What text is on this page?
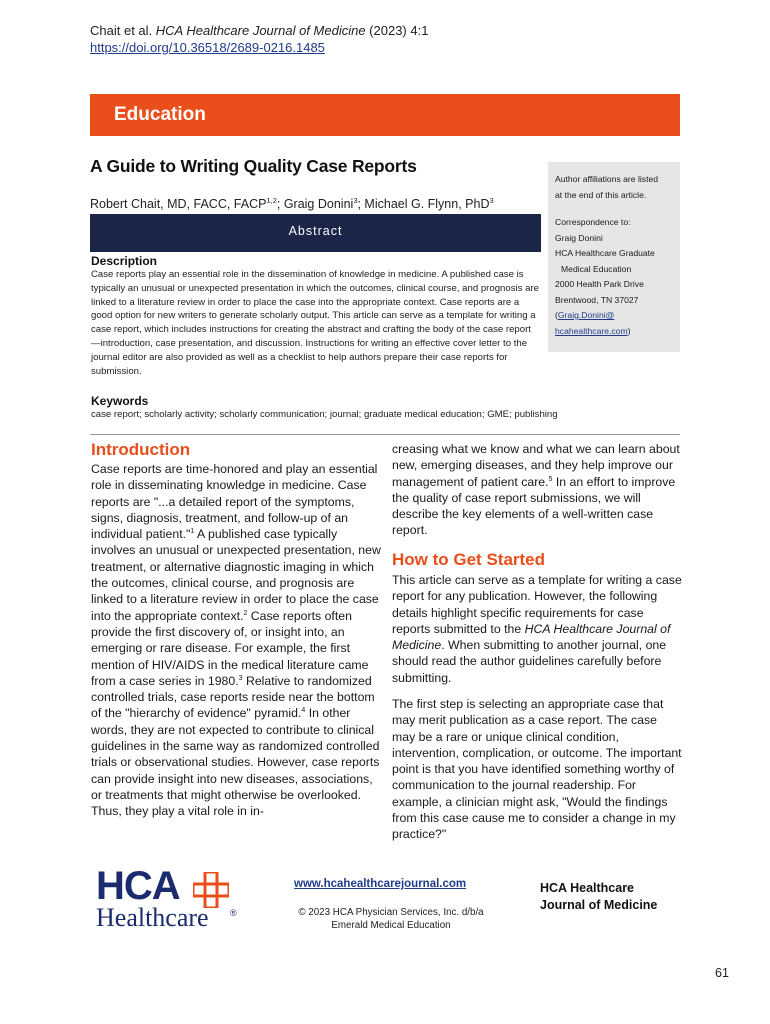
Chait et al. HCA Healthcare Journal of Medicine (2023) 4:1
https://doi.org/10.36518/2689-0216.1485
Education
A Guide to Writing Quality Case Reports
Robert Chait, MD, FACC, FACP$^{1,2}$; Graig Donini$^3$; Michael G. Flynn, PhD$^3$
Author affiliations are listed
at the end of this article.
Correspondence to:
Graig Donini
HCA Healthcare Graduate
Medical Education
2000 Health Park Drive
Brentwood, TN 37027
(Graig.Donini@
hcahealthcare.com)
Abstract
Description
Case reports play an essential role in the dissemination of knowledge in medicine. A published case is typically an unusual or unexpected presentation in which the outcomes, clinical course, and prognosis are linked to a literature review in order to place the case into the appropriate context. Case reports are a good option for new writers to generate scholarly output. This article can serve as a template for writing a case report, which includes instructions for creating the abstract and crafting the body of the case report—introduction, case presentation, and discussion. Instructions for writing an effective cover letter to the journal editor are also provided as well as a checklist to help authors prepare their case reports for submission.
Keywords
case report; scholarly activity; scholarly communication; journal; graduate medical education; GME; publishing
Introduction
Case reports are time-honored and play an essential role in disseminating knowledge in medicine. Case reports are "...a detailed report of the symptoms, signs, diagnosis, treatment, and follow-up of an individual patient."$^1$ A published case typically involves an unusual or unexpected presentation, new treatment, or alternative diagnostic imaging in which the outcomes, clinical course, and prognosis are linked to a literature review in order to place the case into the appropriate context.$^2$ Case reports often provide the first discovery of, or insight into, an emerging or rare disease. For example, the first mention of HIV/AIDS in the medical literature came from a case series in 1980.$^3$ Relative to randomized controlled trials, case reports reside near the bottom of the "hierarchy of evidence" pyramid.$^4$ In other words, they are not expected to contribute to clinical guidelines in the same way as randomized controlled trials or observational studies. However, case reports can provide insight into new diseases, associations, or treatments that might otherwise be overlooked. Thus, they play a vital role in in-
creasing what we know and what we can learn about new, emerging diseases, and they help improve our management of patient care.$^5$ In an effort to improve the quality of case report submissions, we will describe the key elements of a well-written case report.
How to Get Started
This article can serve as a template for writing a case report for any publication. However, the following details highlight specific requirements for case reports submitted to the HCA Healthcare Journal of Medicine. When submitting to another journal, one should read the author guidelines carefully before submitting.
The first step is selecting an appropriate case that may merit publication as a case report. The case may be a rare or unique clinical condition, intervention, complication, or outcome. The important point is that you have identified something worthy of communication to the journal readership. For example, a clinician might ask, "Would the findings from this case cause me to consider a change in my practice?"
HCA
Healthcare ®
www.hcahealthcarejournal.com
© 2023 HCA Physician Services, Inc. d/b/a
Emerald Medical Education
HCA Healthcare
Journal of Medicine
61
